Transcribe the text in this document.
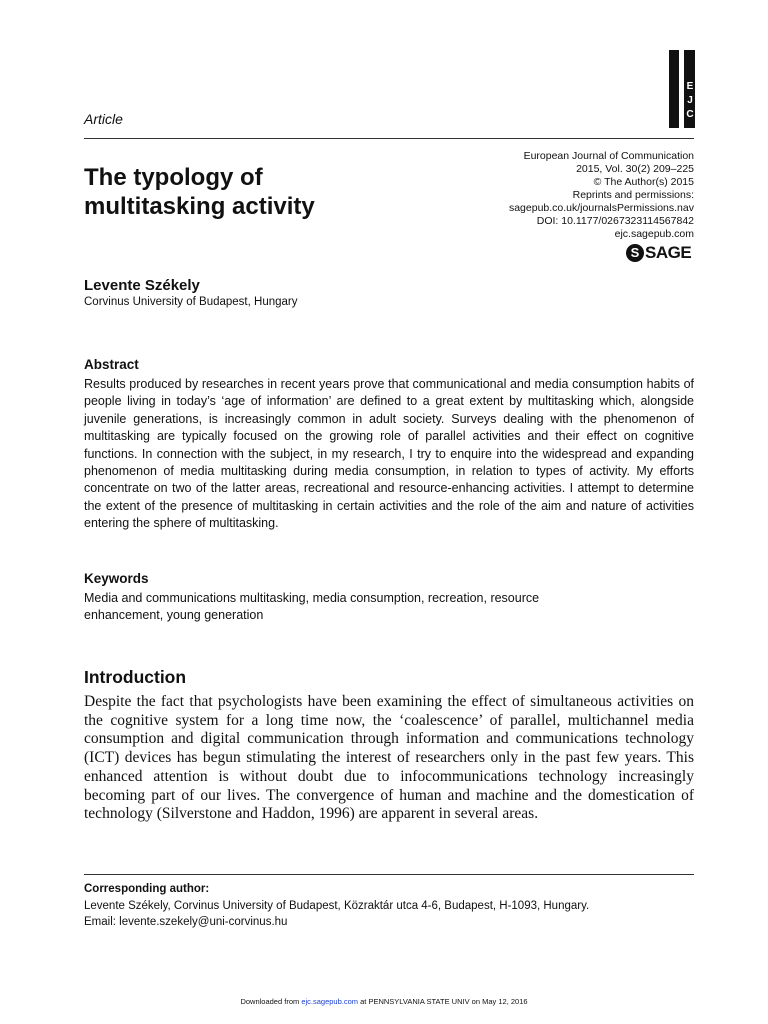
E
J
C
Article
European Journal of Communication
2015, Vol. 30(2) 209–225
© The Author(s) 2015
Reprints and permissions:
sagepub.co.uk/journalsPermissions.nav
DOI: 10.1177/0267323114567842
ejc.sagepub.com
S SAGE
The typology of
multitasking activity
Levente Székely
Corvinus University of Budapest, Hungary
Abstract
Results produced by researches in recent years prove that communicational and media consumption habits of people living in today’s ‘age of information’ are defined to a great extent by multitasking which, alongside juvenile generations, is increasingly common in adult society. Surveys dealing with the phenomenon of multitasking are typically focused on the growing role of parallel activities and their effect on cognitive functions. In connection with the subject, in my research, I try to enquire into the widespread and expanding phenomenon of media multitasking during media consumption, in relation to types of activity. My efforts concentrate on two of the latter areas, recreational and resource-enhancing activities. I attempt to determine the extent of the presence of multitasking in certain activities and the role of the aim and nature of activities entering the sphere of multitasking.
Keywords
Media and communications multitasking, media consumption, recreation, resource enhancement, young generation
Introduction
Despite the fact that psychologists have been examining the effect of simultaneous activities on the cognitive system for a long time now, the ‘coalescence’ of parallel, multichannel media consumption and digital communication through information and communications technology (ICT) devices has begun stimulating the interest of researchers only in the past few years. This enhanced attention is without doubt due to infocommunications technology increasingly becoming part of our lives. The convergence of human and machine and the domestication of technology (Silverstone and Haddon, 1996) are apparent in several areas.
Corresponding author:
Levente Székely, Corvinus University of Budapest, Közraktár utca 4-6, Budapest, H-1093, Hungary.
Email: levente.szekely@uni-corvinus.hu
Downloaded from ejc.sagepub.com at PENNSYLVANIA STATE UNIV on May 12, 2016
